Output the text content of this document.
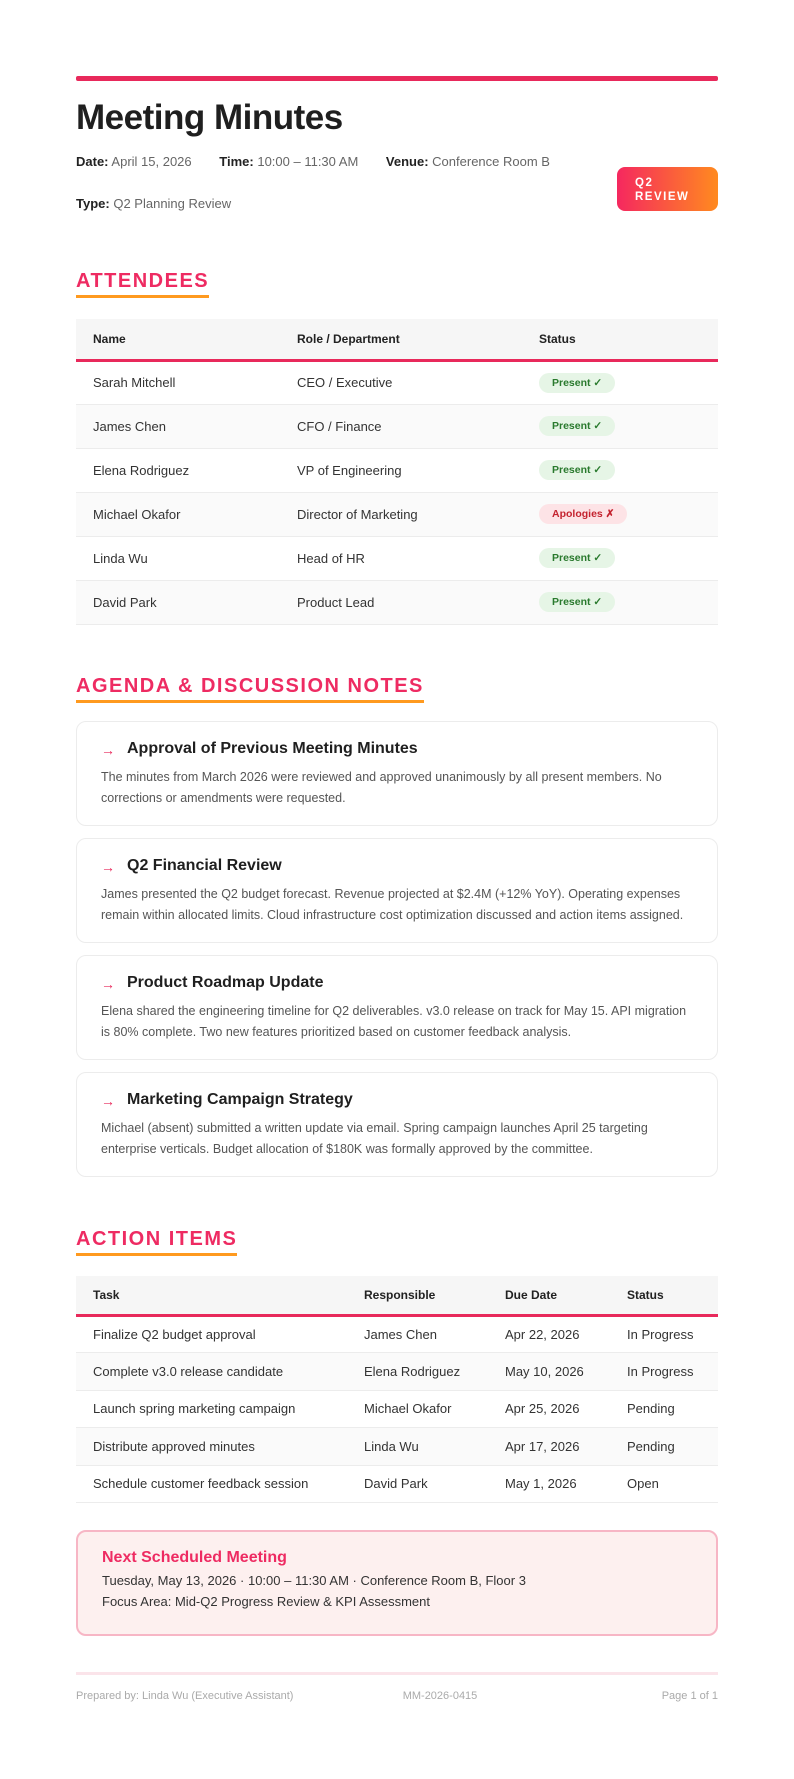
Meeting Minutes
Date: April 15, 2026 Time: 10:00 – 11:30 AM Venue: Conference Room B
Type: Q2 Planning Review
Q2
REVIEW
ATTENDEES
Name	Role / Department	Status
Sarah Mitchell	CEO / Executive	Present ✓
James Chen	CFO / Finance	Present ✓
Elena Rodriguez	VP of Engineering	Present ✓
Michael Okafor	Director of Marketing	Apologies ✗
Linda Wu	Head of HR	Present ✓
David Park	Product Lead	Present ✓
AGENDA & DISCUSSION NOTES
→ Approval of Previous Meeting Minutes
The minutes from March 2026 were reviewed and approved unanimously by all present members. No corrections or amendments were requested.
→ Q2 Financial Review
James presented the Q2 budget forecast. Revenue projected at $2.4M (+12% YoY). Operating expenses remain within allocated limits. Cloud infrastructure cost optimization discussed and action items assigned.
→ Product Roadmap Update
Elena shared the engineering timeline for Q2 deliverables. v3.0 release on track for May 15. API migration is 80% complete. Two new features prioritized based on customer feedback analysis.
→ Marketing Campaign Strategy
Michael (absent) submitted a written update via email. Spring campaign launches April 25 targeting enterprise verticals. Budget allocation of $180K was formally approved by the committee.
ACTION ITEMS
Task	Responsible	Due Date	Status
Finalize Q2 budget approval	James Chen	Apr 22, 2026	In Progress
Complete v3.0 release candidate	Elena Rodriguez	May 10, 2026	In Progress
Launch spring marketing campaign	Michael Okafor	Apr 25, 2026	Pending
Distribute approved minutes	Linda Wu	Apr 17, 2026	Pending
Schedule customer feedback session	David Park	May 1, 2026	Open
Next Scheduled Meeting
Tuesday, May 13, 2026 · 10:00 – 11:30 AM · Conference Room B, Floor 3
Focus Area: Mid-Q2 Progress Review & KPI Assessment
Prepared by: Linda Wu (Executive Assistant)	MM-2026-0415	Page 1 of 1
